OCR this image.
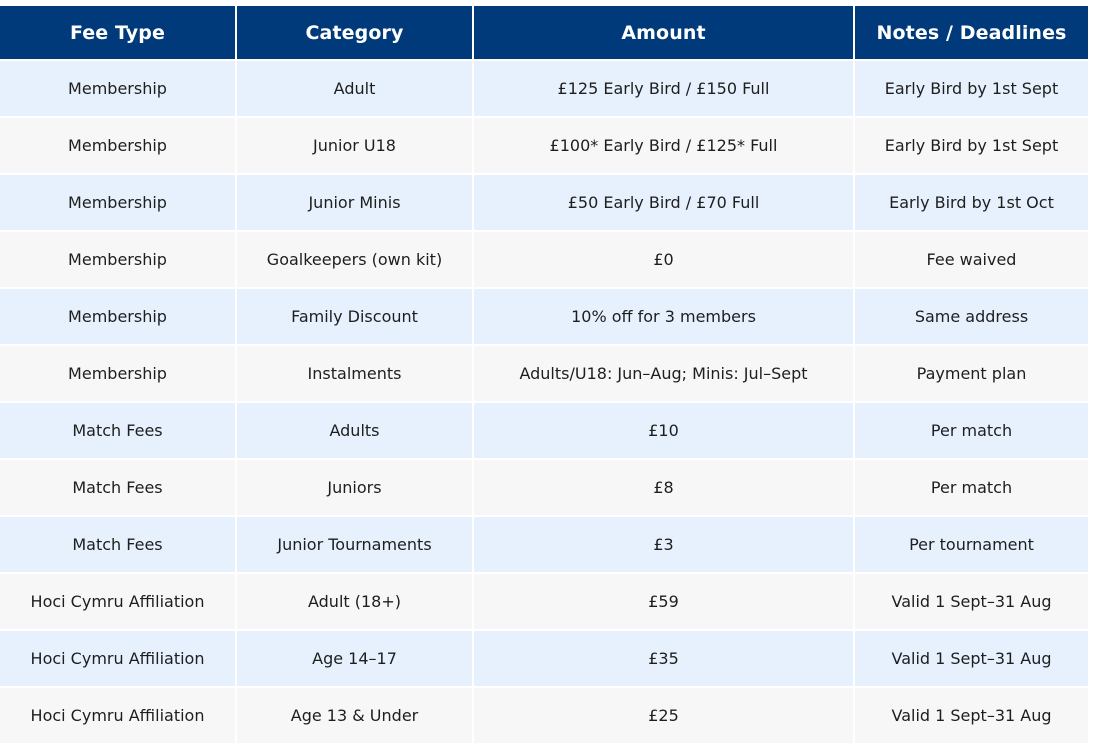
Fee Type	Category	Amount	Notes / Deadlines
Membership	Adult	£125 Early Bird / £150 Full	Early Bird by 1st Sept
Membership	Junior U18	£100* Early Bird / £125* Full	Early Bird by 1st Sept
Membership	Junior Minis	£50 Early Bird / £70 Full	Early Bird by 1st Oct
Membership	Goalkeepers (own kit)	£0	Fee waived
Membership	Family Discount	10% off for 3 members	Same address
Membership	Instalments	Adults/U18: Jun–Aug; Minis: Jul–Sept	Payment plan
Match Fees	Adults	£10	Per match
Match Fees	Juniors	£8	Per match
Match Fees	Junior Tournaments	£3	Per tournament
Hoci Cymru Affiliation	Adult (18+)	£59	Valid 1 Sept–31 Aug
Hoci Cymru Affiliation	Age 14–17	£35	Valid 1 Sept–31 Aug
Hoci Cymru Affiliation	Age 13 & Under	£25	Valid 1 Sept–31 Aug
